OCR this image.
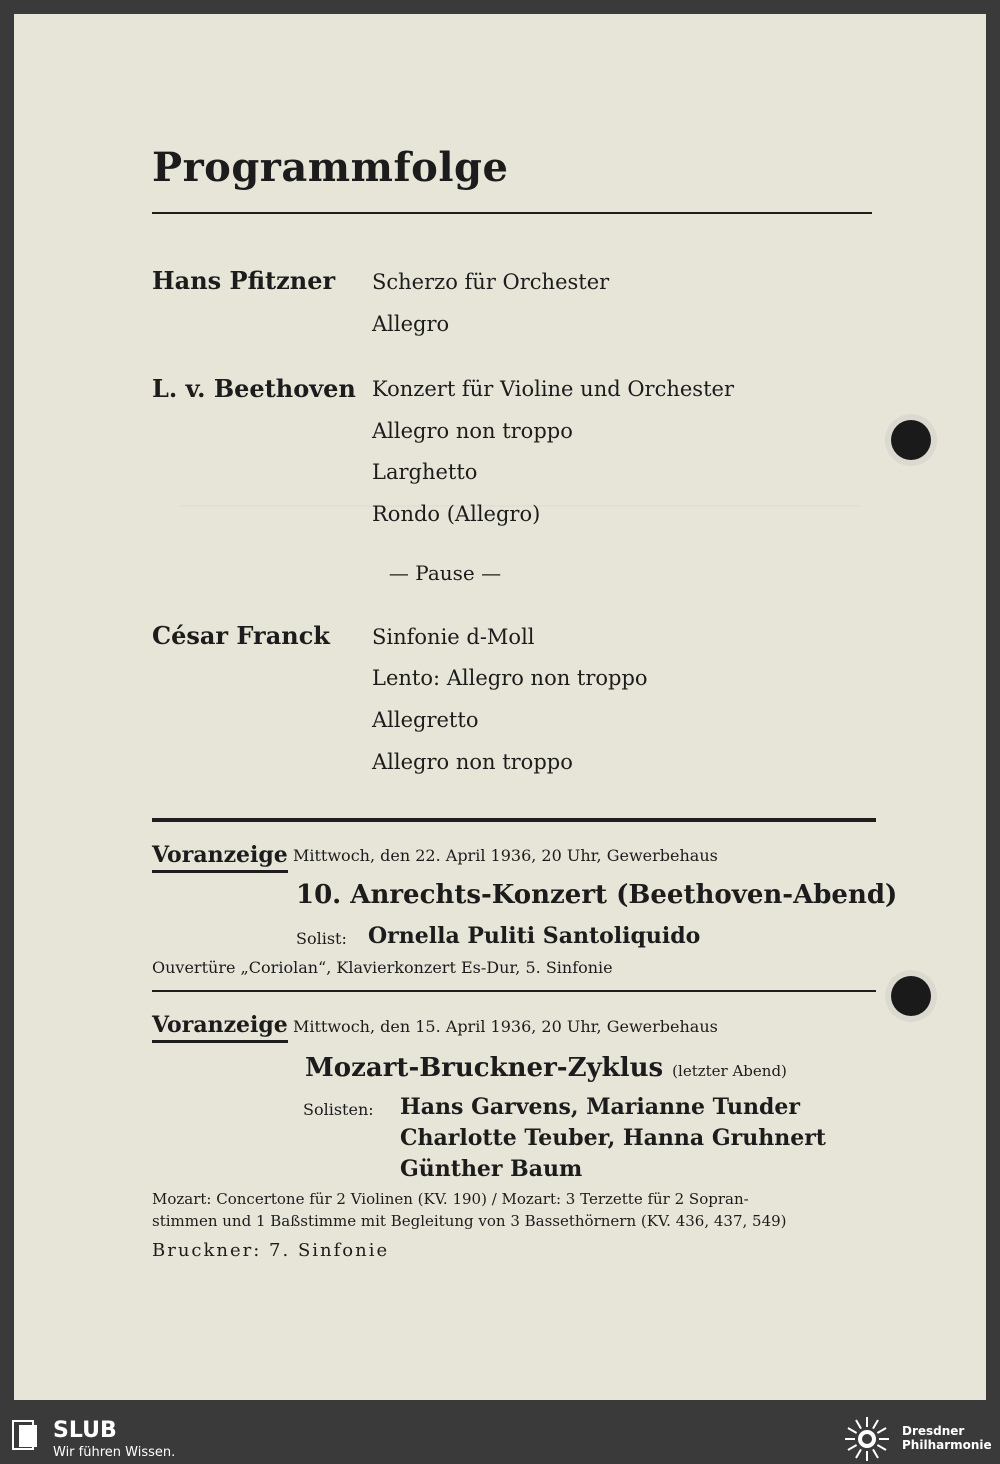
Programmfolge
Hans Pfitzner Scherzo für Orchester
Allegro
L. v. Beethoven Konzert für Violine und Orchester
Allegro non troppo
Larghetto
Rondo (Allegro)
— Pause —
César Franck Sinfonie d-Moll
Lento: Allegro non troppo
Allegretto
Allegro non troppo
Voranzeige Mittwoch, den 22. April 1936, 20 Uhr, Gewerbehaus
10. Anrechts-Konzert (Beethoven-Abend)
Solist: Ornella Puliti Santoliquido
Ouvertüre „Coriolan“, Klavierkonzert Es-Dur, 5. Sinfonie
Voranzeige Mittwoch, den 15. April 1936, 20 Uhr, Gewerbehaus
Mozart-Bruckner-Zyklus (letzter Abend)
Solisten: Hans Garvens, Marianne Tunder
Charlotte Teuber, Hanna Gruhnert
Günther Baum
Mozart: Concertone für 2 Violinen (KV. 190) / Mozart: 3 Terzette für 2 Sopran-
stimmen und 1 Baßstimme mit Begleitung von 3 Bassethörnern (KV. 436, 437, 549)
Bruckner: 7. Sinfonie
SLUB
Wir führen Wissen.
Dresdner
Philharmonie
